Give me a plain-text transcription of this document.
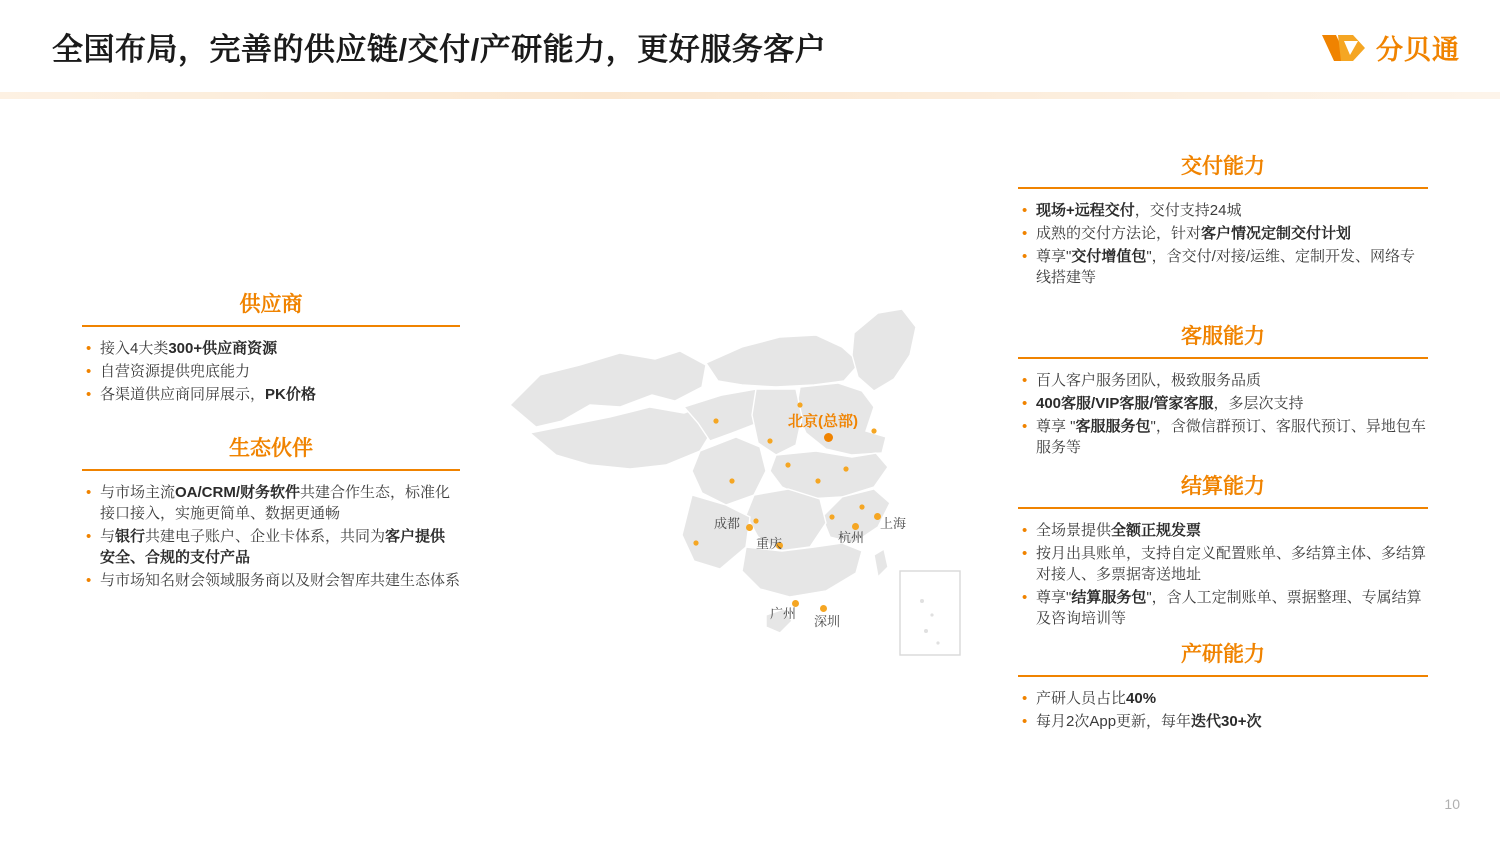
全国布局，完善的供应链/交付/产研能力，更好服务客户	分贝通
供应商
• 接入4大类300+供应商资源
• 自营资源提供兜底能力
• 各渠道供应商同屏展示，PK价格
生态伙伴
• 与市场主流OA/CRM/财务软件共建合作生态，标准化接口接入，实施更简单、数据更通畅
• 与银行共建电子账户、企业卡体系，共同为客户提供安全、合规的支付产品
• 与市场知名财会领域服务商以及财会智库共建生态体系
北京(总部)
成都
重庆	杭州
上海
广州
深圳
交付能力
• 现场+远程交付，交付支持24城
• 成熟的交付方法论，针对客户情况定制交付计划
• 尊享"交付增值包"，含交付/对接/运维、定制开发、网络专线搭建等
客服能力
• 百人客户服务团队，极致服务品质
• 400客服/VIP客服/管家客服，多层次支持
• 尊享 "客服服务包"，含微信群预订、客服代预订、异地包车服务等
结算能力
• 全场景提供全额正规发票
• 按月出具账单，支持自定义配置账单、多结算主体、多结算对接人、多票据寄送地址
• 尊享"结算服务包"，含人工定制账单、票据整理、专属结算及咨询培训等
产研能力
• 产研人员占比40%
• 每月2次App更新，每年迭代30+次
10
